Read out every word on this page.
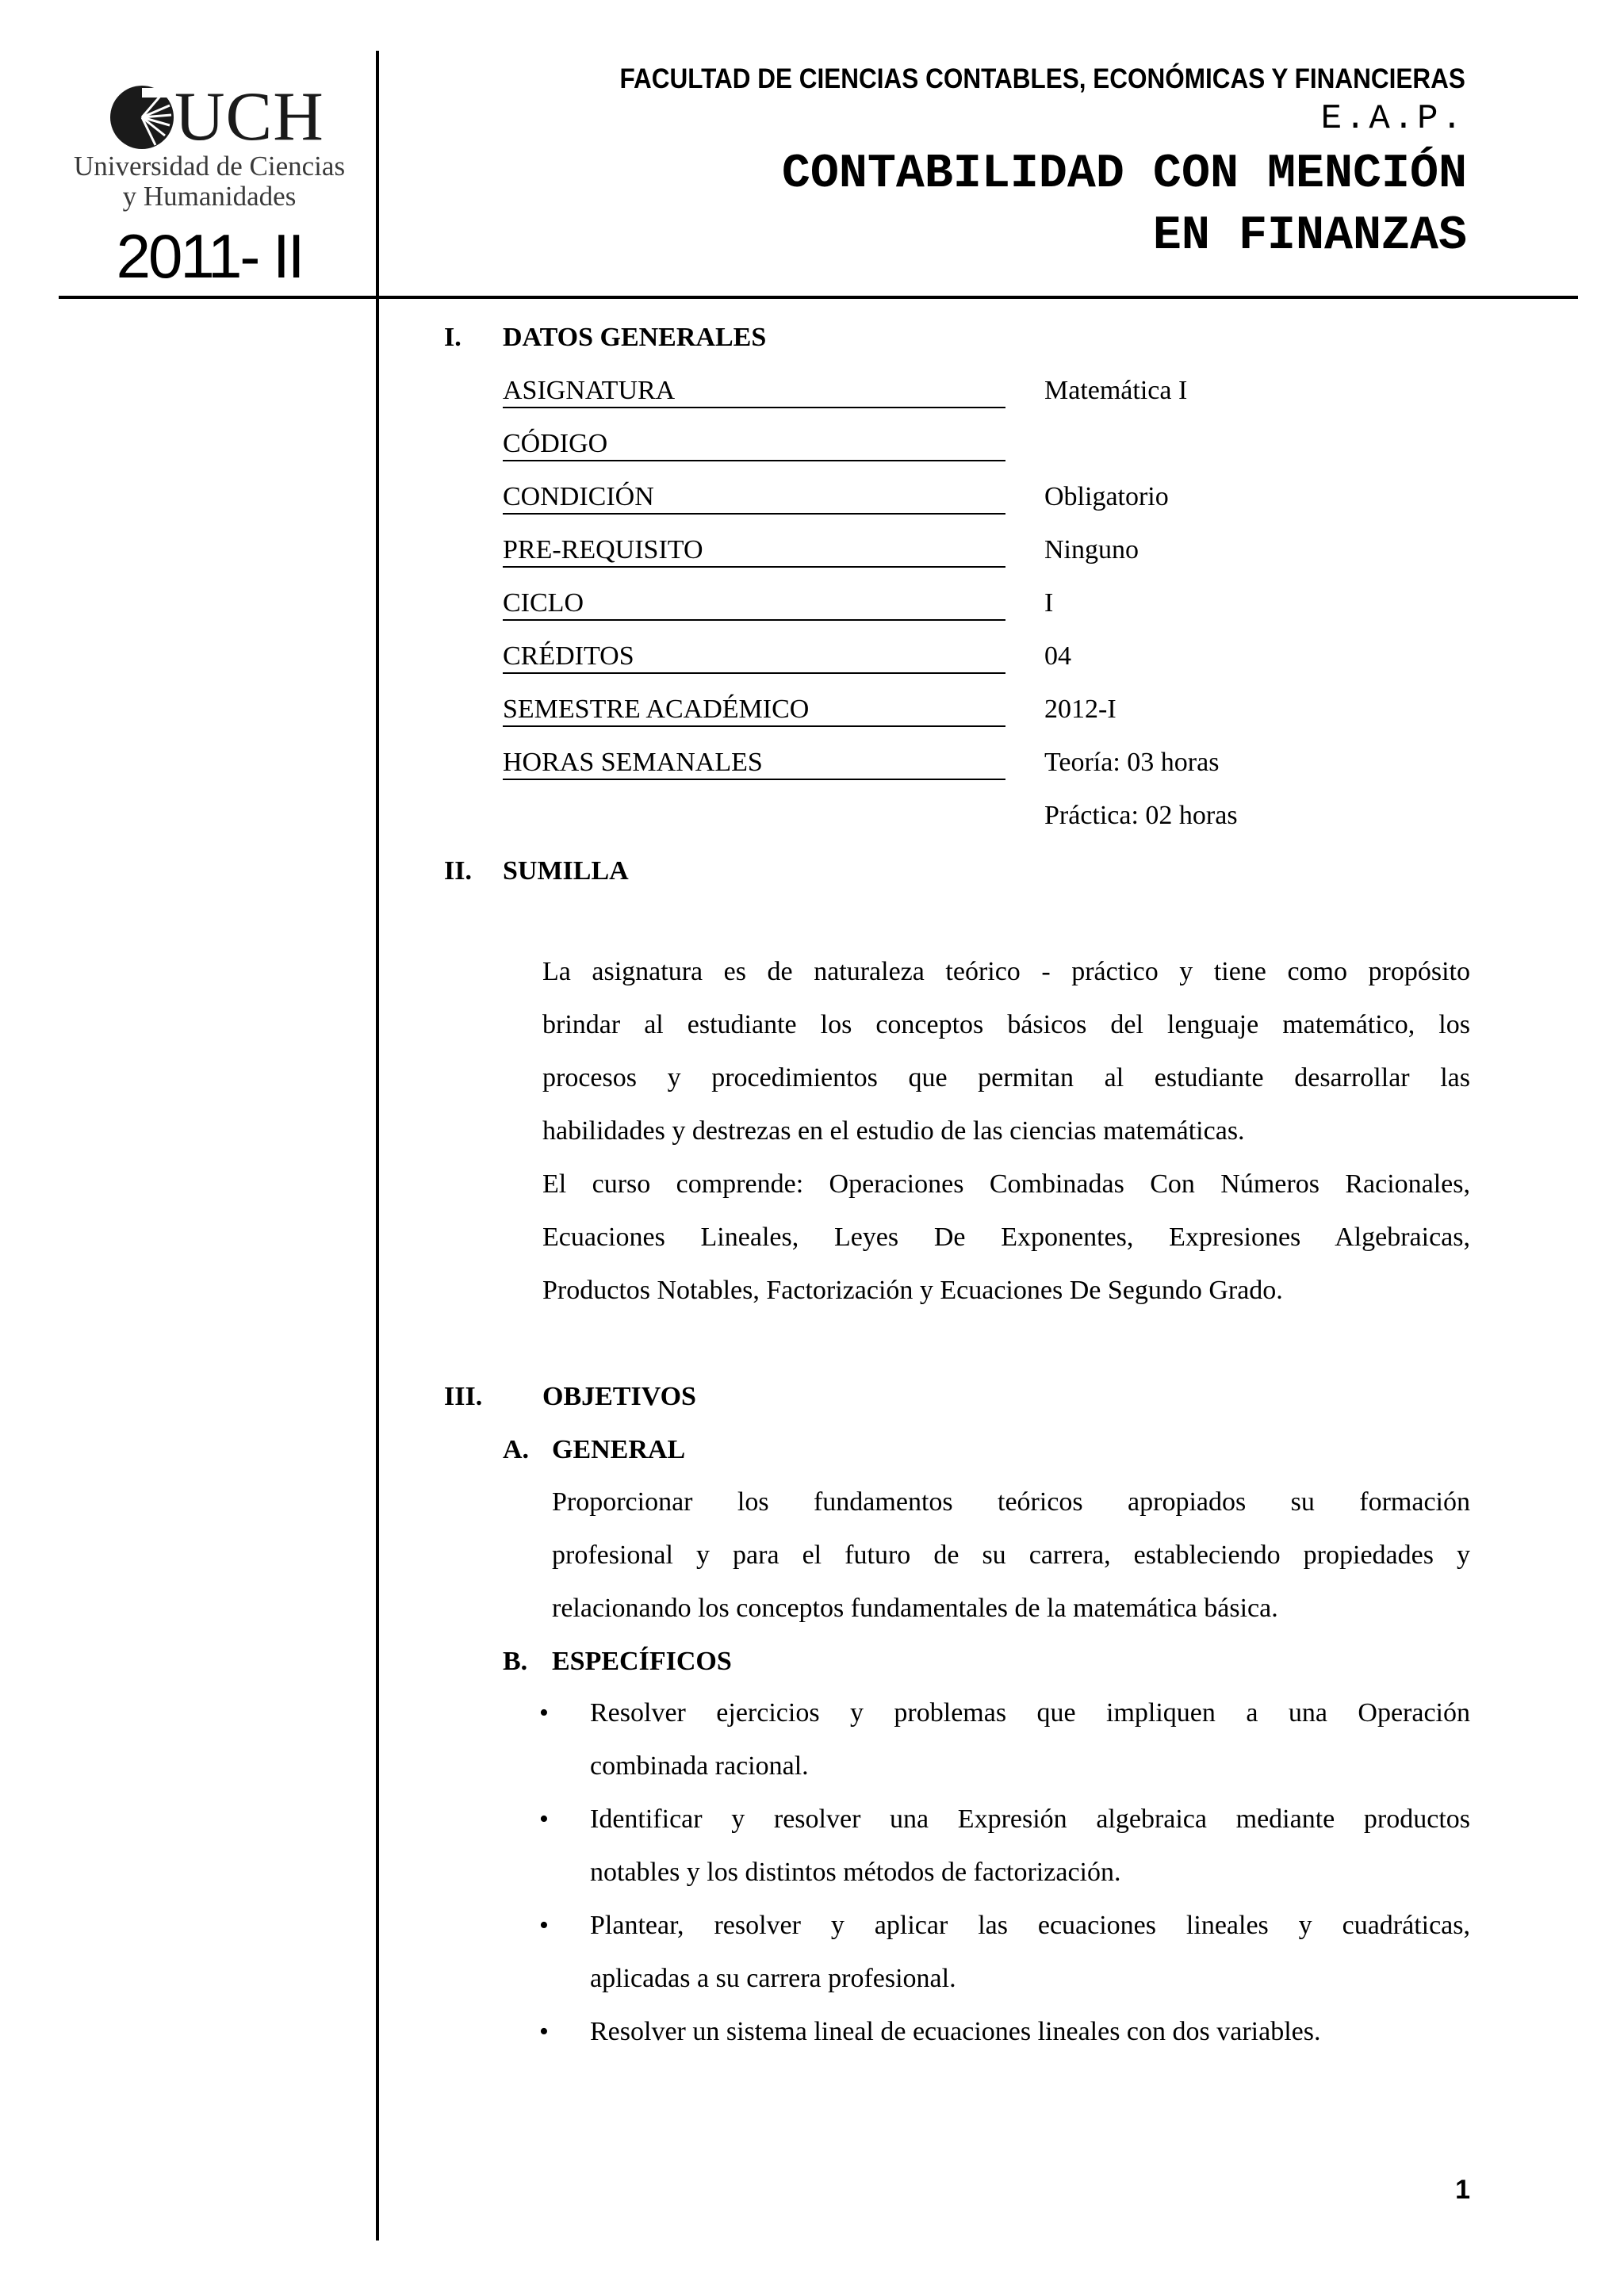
UCH
Universidad de Ciencias
y Humanidades
2011- II
FACULTAD DE CIENCIAS CONTABLES, ECONÓMICAS Y FINANCIERAS
E.A.P.
CONTABILIDAD CON MENCIÓN
EN FINANZAS
I. DATOS GENERALES
ASIGNATURA	Matemática I
CÓDIGO
CONDICIÓN	Obligatorio
PRE-REQUISITO	Ninguno
CICLO	I
CRÉDITOS	04
SEMESTRE ACADÉMICO	2012-I
HORAS SEMANALES	Teoría: 03 horas
Práctica: 02 horas
II. SUMILLA
La asignatura es de naturaleza teórico - práctico y tiene como propósito
brindar al estudiante los conceptos básicos del lenguaje matemático, los
procesos y procedimientos que permitan al estudiante desarrollar las
habilidades y destrezas en el estudio de las ciencias matemáticas.
El curso comprende: Operaciones Combinadas Con Números Racionales,
Ecuaciones Lineales, Leyes De Exponentes, Expresiones Algebraicas,
Productos Notables, Factorización y Ecuaciones De Segundo Grado.
III. OBJETIVOS
A. GENERAL
Proporcionar los fundamentos teóricos apropiados su formación
profesional y para el futuro de su carrera, estableciendo propiedades y
relacionando los conceptos fundamentales de la matemática básica.
B. ESPECÍFICOS
• Resolver ejercicios y problemas que impliquen a una Operación
combinada racional.
• Identificar y resolver una Expresión algebraica mediante productos
notables y los distintos métodos de factorización.
• Plantear, resolver y aplicar las ecuaciones lineales y cuadráticas,
aplicadas a su carrera profesional.
• Resolver un sistema lineal de ecuaciones lineales con dos variables.
1
